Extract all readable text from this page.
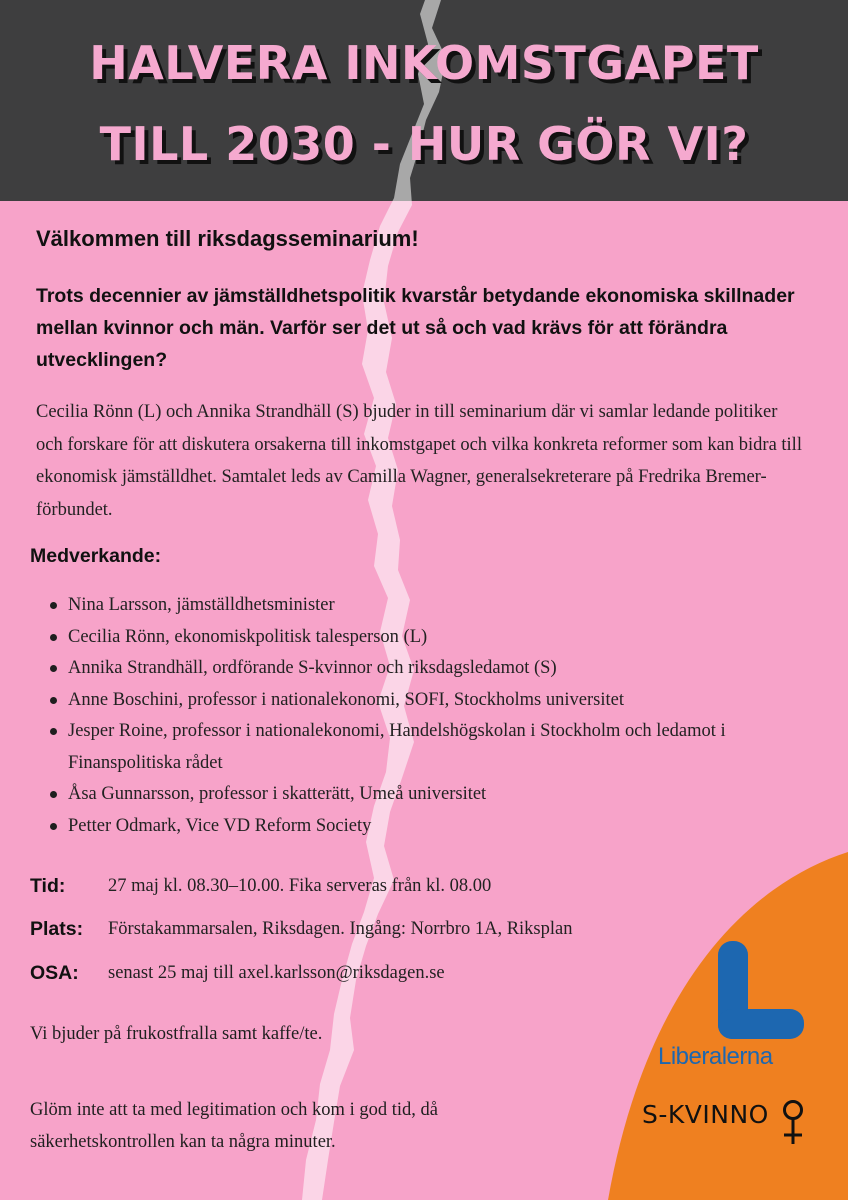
HALVERA INKOMSTGAPET
TILL 2030 - HUR GÖR VI?
Välkommen till riksdagsseminarium!
Trots decennier av jämställdhetspolitik kvarstår betydande ekonomiska skillnader mellan kvinnor och män. Varför ser det ut så och vad krävs för att förändra utvecklingen?
Cecilia Rönn (L) och Annika Strandhäll (S) bjuder in till seminarium där vi samlar ledande politiker och forskare för att diskutera orsakerna till inkomstgapet och vilka konkreta reformer som kan bidra till ekonomisk jämställdhet. Samtalet leds av Camilla Wagner, generalsekreterare på Fredrika Bremer-förbundet.
Medverkande:
Nina Larsson, jämställdhetsminister
Cecilia Rönn, ekonomiskpolitisk talesperson (L)
Annika Strandhäll, ordförande S-kvinnor och riksdagsledamot (S)
Anne Boschini, professor i nationalekonomi, SOFI, Stockholms universitet
Jesper Roine, professor i nationalekonomi, Handelshögskolan i Stockholm och ledamot i Finanspolitiska rådet
Åsa Gunnarsson, professor i skatterätt, Umeå universitet
Petter Odmark, Vice VD Reform Society
Tid: 27 maj kl. 08.30–10.00. Fika serveras från kl. 08.00
Plats: Förstakammarsalen, Riksdagen. Ingång: Norrbro 1A, Riksplan
OSA: senast 25 maj till axel.karlsson@riksdagen.se
Vi bjuder på frukostfralla samt kaffe/te.
Glöm inte att ta med legitimation och kom i god tid, då säkerhetskontrollen kan ta några minuter.
Liberalerna
S-KVINNO
